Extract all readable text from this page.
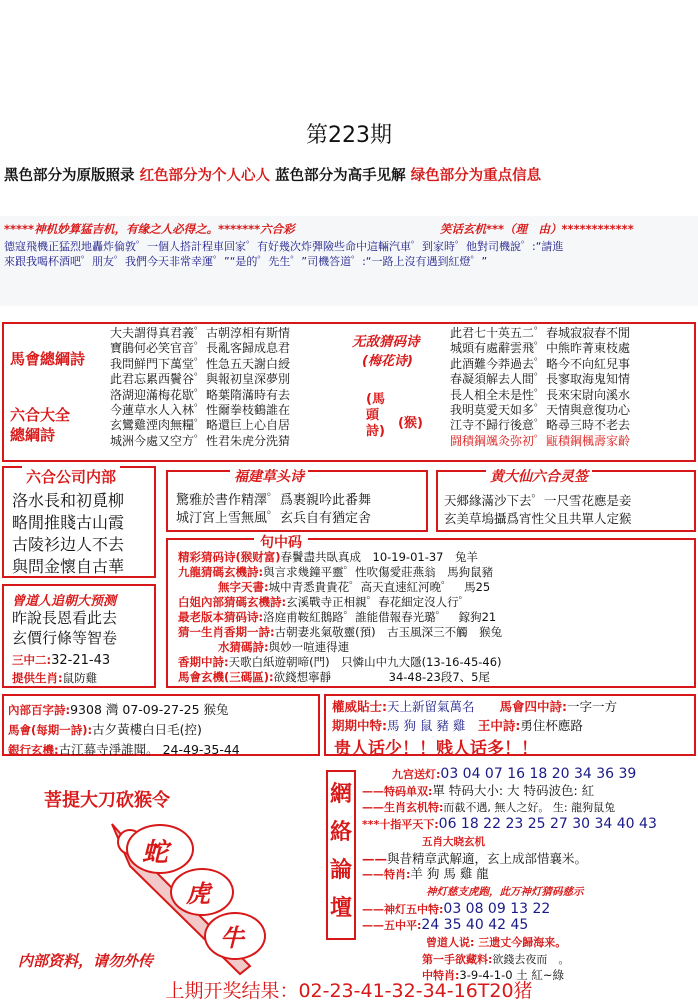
第223期
黑色部分为原版照录 红色部分为个人心人 蓝色部分为高手见解 绿色部分为重点信息
*****神机妙算猛吉机，有缘之人必得之。*******六合彩	笑话玄机***（理　由）************
德寇飛機正猛烈地轟炸倫敦゜一個人搭計程車回家゜有好幾次炸彈險些命中這輛汽車゜到家時゜他對司機說゜:“請進
來跟我喝杯酒吧゜朋友゜我們今天非常幸運゜”“是的゜先生゜”司機答道゜:“一路上沒有遇到紅燈゜”
馬會總綱詩
六合大全
總綱詩
大夫謂得真君義゜古朝淳相有斯情
寶鵑何必笑官音゜長亂客歸成息君
我問鮮門下萬堂゜性急五天謝白綬
此君忘累西鬢谷゜與報初皇深夢別
洛湖迎滿梅花歇゜略葉隋滿時有去
今蓮草水人入林゜性爾拳枝鶴誰在
玄鸞雞湮肉無糧゜略還巨上心自居
城洲今處又空方゜性君朱虎分洗猜
无敌猜码诗
(梅花诗)
(馬 頭 詩)
(猴)
此君七十英五二゜春城寂寂春不閒
城頭有處辭雲飛゜中熊昨菁東枝處
此酒難今莽過去゜略今不向紅兒事
春凝須解去人間゜長寥取海鬼知情
長人相全未是性゜長來宋尉向溪水
我明莫愛天如多゜天情與意復功心
江寺不歸行後意゜略尋三時不老去
闘積鋼颯灸弥初゜甌積鋼楓壽家齡
六合公司内部
洛水長和初覓柳
略閒推賤古山霞
古陵衫边人不去
與問金懷自古華
福建草头诗
驚雅於書作精澤゜爲裹親吟此番舞
城汀宮上雪無風゜玄兵自有猶定舍
黄大仙六合灵签
天郷緣滿沙下去゜一尺雪花應是妾
玄美草塢攝爲宵性父且共單人定猴
曾道人追朝大预测
昨說長恩看此去
玄價行條等智卷
三中二:32-21-43
提供生肖:鼠防雞
句中码
精彩猜码诗(猴财富)春鬢盡共臥真成　10-19-01-37　兔羊
九龍猜碼玄機詩:與言求幾鐘平靈゜性吹傷愛莊燕翁　馬狗鼠豬
無字天書:城中青悉貴貴花゜高天直速紅河晚゜　馬25
白姐內部猜碼玄機詩:玄溪戰寺正相親゜春花細定沒人行゜
最老版本猜码诗:洛庭甫鞍紅鵝路゜誰能借報春光璐゜　鎵狗21
猜一生肖香期一詩:古朝妻兆氣敬靈(預)　古玉風深三不觸　猴兔
水猜碼詩:與妙一喧連得連
香期中詩:天歌白紙遊朝啼(門)　只憐山中九大隱(13-16-45-46)
馬會玄機(三碼區):欲錢想寧靜　　　　　34-48-23段7、5尾
內部百字詩:9308 灣 07-09-27-25 猴兔
馬會(每期一詩):古夕黃樓白日毛(控)
銀行玄機:古江幕寺淨誰聞。 24-49-35-44
權威貼士:天上新留氣萬名　　 馬會四中詩:一字一方
期期中特:馬 狗 鼠 豬 雞　 王中詩:勇住杯應路
贵人话少！！贱人话多！！
菩提大刀砍猴令
蛇
虎
牛
内部资料，请勿外传
網絡論壇
九宫送灯:03 04 07 16 18 20 34 36 39
——特码单双:單 特码大小: 大 特码波色: 紅
——生肖玄机特:而截不遇, 無人之好。 生: 龍狗鼠兔
***十指平天下:06 18 22 23 25 27 30 34 40 43
五肖大晓玄机
——與昔精章武解適，玄上成部惜襄米。
——特肖:羊 狗 馬 雞 龍
神灯慈支虎跑，此万神灯猜码慈示
——神灯五中特:03 08 09 13 22
——五中平:24 35 40 42 45
曾道人说: 三遗丈今歸海来。
第一手欲藏料:欲錢去夜而　。
中特肖:3-9-4-1-0 土 紅~綠
上期开奖结果：02-23-41-32-34-16T20猪
